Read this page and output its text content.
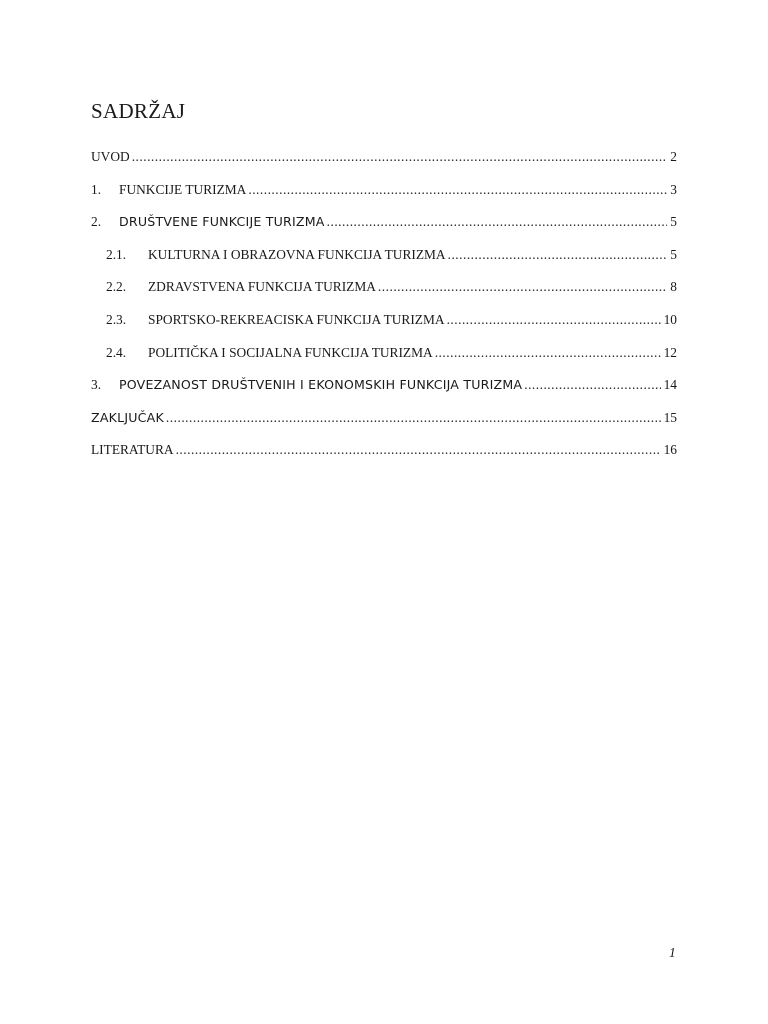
SADRŽAJ
UVOD .....	2
1.	FUNKCIJE TURIZMA .....	3
2.	DRUŠTVENE FUNKCIJE TURIZMA .....	5
2.1.	KULTURNA I OBRAZOVNA FUNKCIJA TURIZMA .....	5
2.2.	ZDRAVSTVENA FUNKCIJA TURIZMA .....	8
2.3.	SPORTSKO-REKREACISKA FUNKCIJA TURIZMA .....	10
2.4.	POLITIČKA I SOCIJALNA FUNKCIJA TURIZMA .....	12
3.	POVEZANOST DRUŠTVENIH I EKONOMSKIH FUNKCIJA TURIZMA .....	14
ZAKLJUČAK .....	15
LITERATURA .....	16
1
